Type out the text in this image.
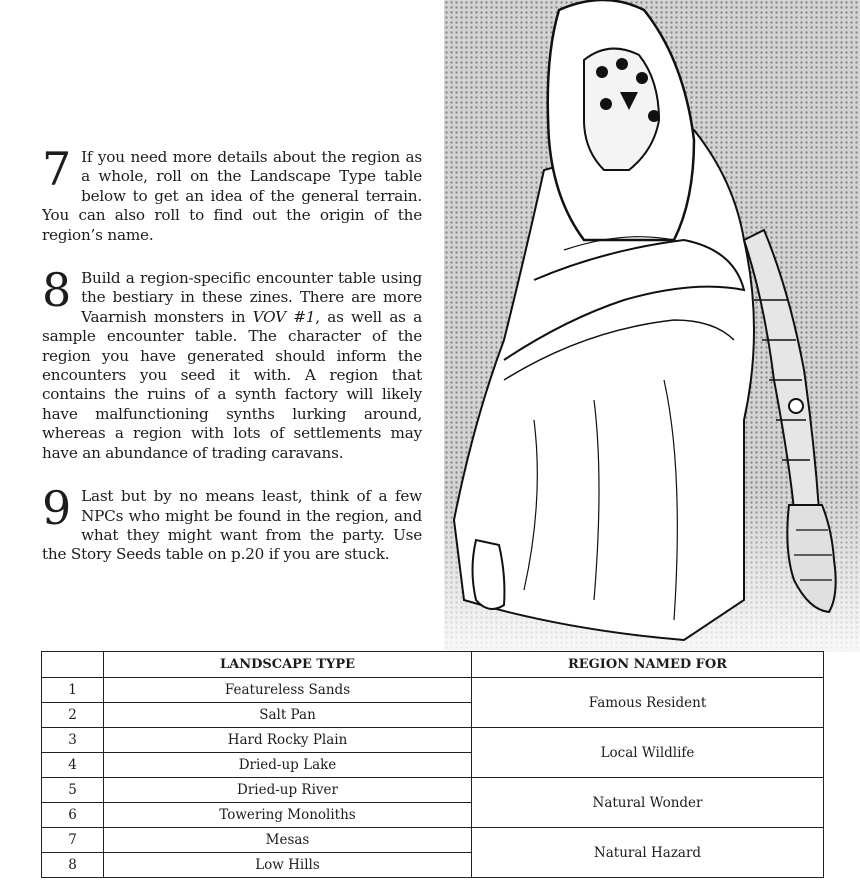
7 If you need more details about the region as a whole, roll on the Landscape Type table below to get an idea of the general terrain. You can also roll to find out the origin of the region’s name.

8 Build a region-specific encounter table using the bestiary in these zines. There are more Vaarnish monsters in VOV #1, as well as a sample encounter table. The character of the region you have generated should inform the encounters you seed it with. A region that contains the ruins of a synth factory will likely have malfunctioning synths lurking around, whereas a region with lots of settlements may have an abundance of trading caravans.

9 Last but by no means least, think of a few NPCs who might be found in the region, and what they might want from the party. Use the Story Seeds table on p.20 if you are stuck.

	LANDSCAPE TYPE	REGION NAMED FOR
1	Featureless Sands	Famous Resident
2	Salt Pan	
3	Hard Rocky Plain	Local Wildlife
4	Dried-up Lake	
5	Dried-up River	Natural Wonder
6	Towering Monoliths	
7	Mesas	Natural Hazard
8	Low Hills	
